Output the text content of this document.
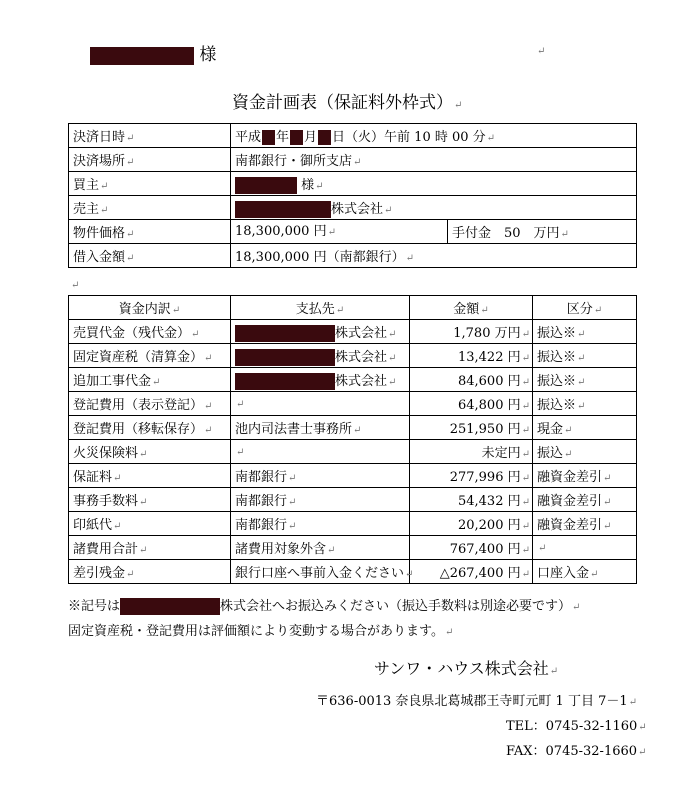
様	↵
資金計画表（保証料外枠式）↵
決済日時↵	平成 年 月 日（火）午前 10 時 00 分↵
決済場所↵	南都銀行・御所支店↵
買主↵	様↵
売主↵	株式会社↵
物件価格↵	18,300,000 円↵ 手付金　50　万円↵

借入金額↵	18,300,000 円（南都銀行）↵
↵
資金内訳↵	支払先↵	金額↵	区分↵
売買代金（残代金）↵	株式会社↵	1,780 万円↵	振込※↵
固定資産税（清算金）↵	株式会社↵	13,422 円↵	振込※↵
追加工事代金↵	株式会社↵	84,600 円↵	振込※↵
登記費用（表示登記）↵	↵	64,800 円↵	振込※↵
登記費用（移転保存）↵	池内司法書士事務所↵	251,950 円↵	現金↵
火災保険料↵	↵	未定円↵	振込↵
保証料↵	南都銀行↵	277,996 円↵	融資金差引↵
事務手数料↵	南都銀行↵	54,432 円↵	融資金差引↵
印紙代↵	南都銀行↵	20,200 円↵	融資金差引↵
諸費用合計↵	諸費用対象外含↵	767,400 円↵	↵
差引残金↵	銀行口座へ事前入金ください↵	△267,400 円↵	口座入金↵
※記号は	株式会社へお振込みください（振込手数料は別途必要です）↵
固定資産税・登記費用は評価額により変動する場合があります。↵
サンワ・ハウス株式会社↵
〒636-0013 奈良県北葛城郡王寺町元町 1 丁目 7－1↵
TEL：0745-32-1160↵
FAX：0745-32-1660↵
